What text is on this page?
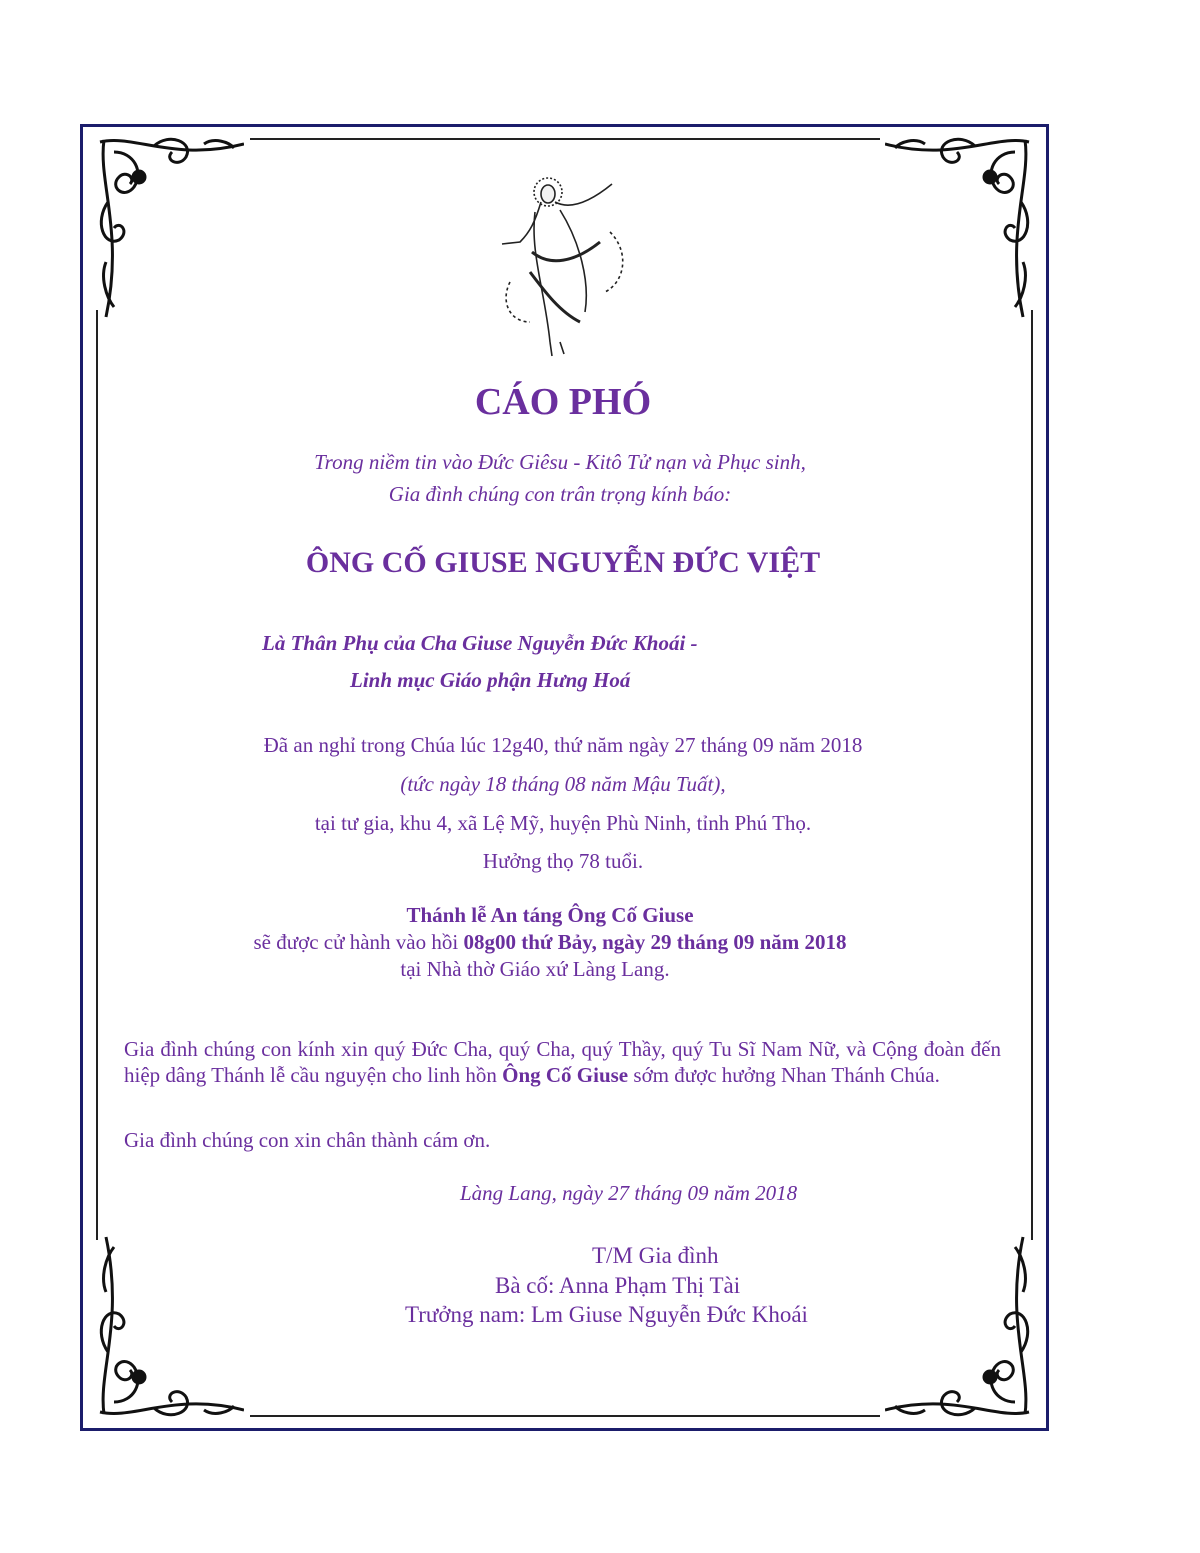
CÁO PHÓ
Trong niềm tin vào Đức Giêsu - Kitô Tử nạn và Phục sinh,
Gia đình chúng con trân trọng kính báo:
ÔNG CỐ GIUSE NGUYỄN ĐỨC VIỆT
Là Thân Phụ của Cha Giuse Nguyễn Đức Khoái -
Linh mục Giáo phận Hưng Hoá
Đã an nghỉ trong Chúa lúc 12g40, thứ năm ngày 27 tháng 09 năm 2018
(tức ngày 18 tháng 08 năm Mậu Tuất),
tại tư gia, khu 4, xã Lệ Mỹ, huyện Phù Ninh, tỉnh Phú Thọ.
Hưởng thọ 78 tuổi.
Thánh lễ An táng Ông Cố Giuse
sẽ được cử hành vào hồi 08g00 thứ Bảy, ngày 29 tháng 09 năm 2018
tại Nhà thờ Giáo xứ Làng Lang.
Gia đình chúng con kính xin quý Đức Cha, quý Cha, quý Thầy, quý Tu Sĩ Nam Nữ, và Cộng đoàn đến hiệp dâng Thánh lễ cầu nguyện cho linh hồn Ông Cố Giuse sớm được hưởng Nhan Thánh Chúa.
Gia đình chúng con xin chân thành cám ơn.
Làng Lang, ngày 27 tháng 09 năm 2018
T/M Gia đình
Bà cố: Anna Phạm Thị Tài
Trưởng nam: Lm Giuse Nguyễn Đức Khoái
